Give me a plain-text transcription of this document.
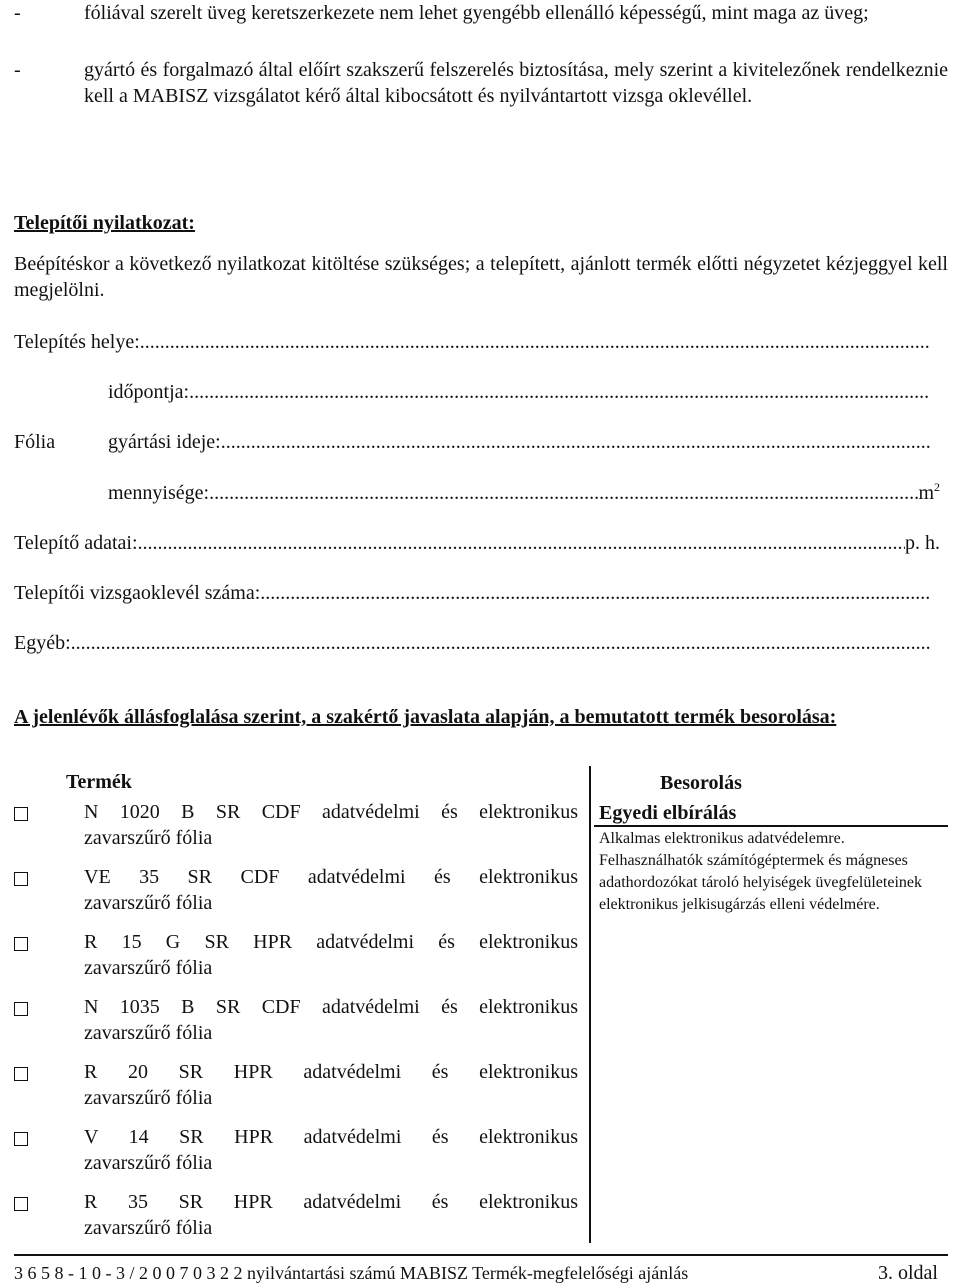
-	fóliával szerelt üveg keretszerkezete nem lehet gyengébb ellenálló képességű, mint maga az üveg;
-	gyártó és forgalmazó által előírt szakszerű felszerelés biztosítása, mely szerint a kivitelezőnek rendelkeznie kell a MABISZ vizsgálatot kérő által kibocsátott és nyilvántartott vizsga oklevéllel.
Telepítői nyilatkozat:
Beépítéskor a következő nyilatkozat kitöltése szükséges; a telepített, ajánlott termék előtti négyzetet kézjeggyel kell megjelölni.
Telepítés helye:
.....
Fólia
időpontja:
.....
gyártási ideje:
.....
mennyisége: .....	$m^2$
Telepítő adatai: .....	p. h.
Telepítői vizsgaoklevél száma:
.....
Egyéb:
.....
A jelenlévők állásfoglalása szerint, a szakértő javaslata alapján, a bemutatott termék besorolása:
Termék	Besorolás
Egyedi elbírálás
Alkalmas elektronikus adatvédelemre.
Felhasználhatók számítógéptermek és mágneses adathordozókat tároló helyiségek üvegfelületeinek elektronikus jelkisugárzás elleni védelmére.
N 1020 B SR CDF adatvédelmi és elektronikus
zavarszűrő fólia
VE 35 SR CDF adatvédelmi és elektronikus
zavarszűrő fólia
R 15 G SR HPR adatvédelmi és elektronikus
zavarszűrő fólia
N 1035 B SR CDF adatvédelmi és elektronikus
zavarszűrő fólia
R 20 SR HPR adatvédelmi és elektronikus
zavarszűrő fólia
V 14 SR HPR adatvédelmi és elektronikus
zavarszűrő fólia
R 35 SR HPR adatvédelmi és elektronikus
zavarszűrő fólia
3 6 5 8 - 1 0 - 3 / 2 0 0 7 0 3 2 2 nyilvántartási számú MABISZ Termék-megfelelőségi ajánlás	3. oldal
